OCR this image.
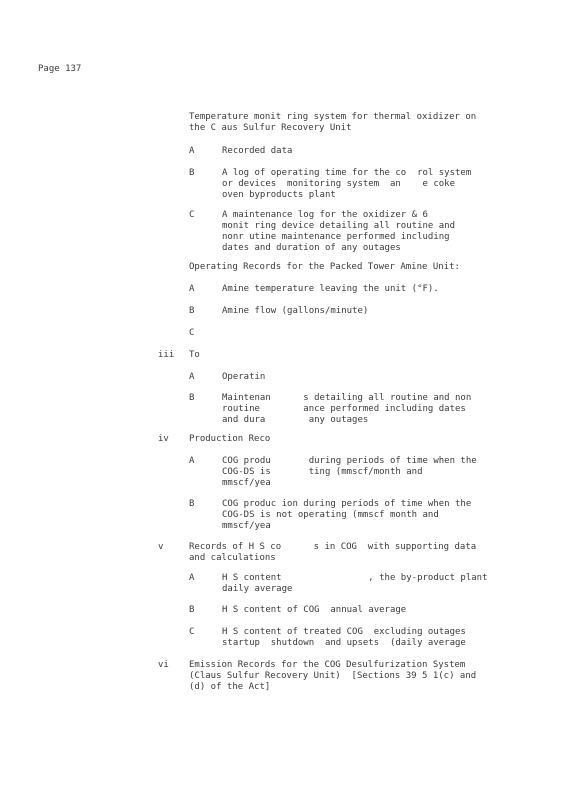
Page 137
Temperature monit ring system for thermal oxidizer on
the C aus Sulfur Recovery Unit
A	Recorded data
B	A log of operating time for the co  rol system
or devices  monitoring system  an    e coke
oven byproducts plant
C	A maintenance log for the oxidizer & 6
monit ring device detailing all routine and
nonr utine maintenance performed including
dates and duration of any outages
Operating Records for the Packed Tower Amine Unit:
A	Amine temperature leaving the unit (°F).
B	Amine flow (gallons/minute)
C
iii To
A	Operatin
B	Maintenan      s detailing all routine and non
routine        ance performed including dates
and dura        any outages
iv Production Reco
A	COG produ       during periods of time when the
COG-DS is       ting (mmscf/month and
mmscf/yea
B	COG produc ion during periods of time when the
COG-DS is not operating (mmscf month and
mmscf/yea
v	Records of H S co      s in COG  with supporting data
and calculations
A	H S content                , the by-product plant
daily average
B	H S content of COG  annual average
C	H S content of treated COG  excluding outages
startup  shutdown  and upsets  (daily average
vi Emission Records for the COG Desulfurization System
(Claus Sulfur Recovery Unit)  [Sections 39 5 1(c) and
(d) of the Act]
